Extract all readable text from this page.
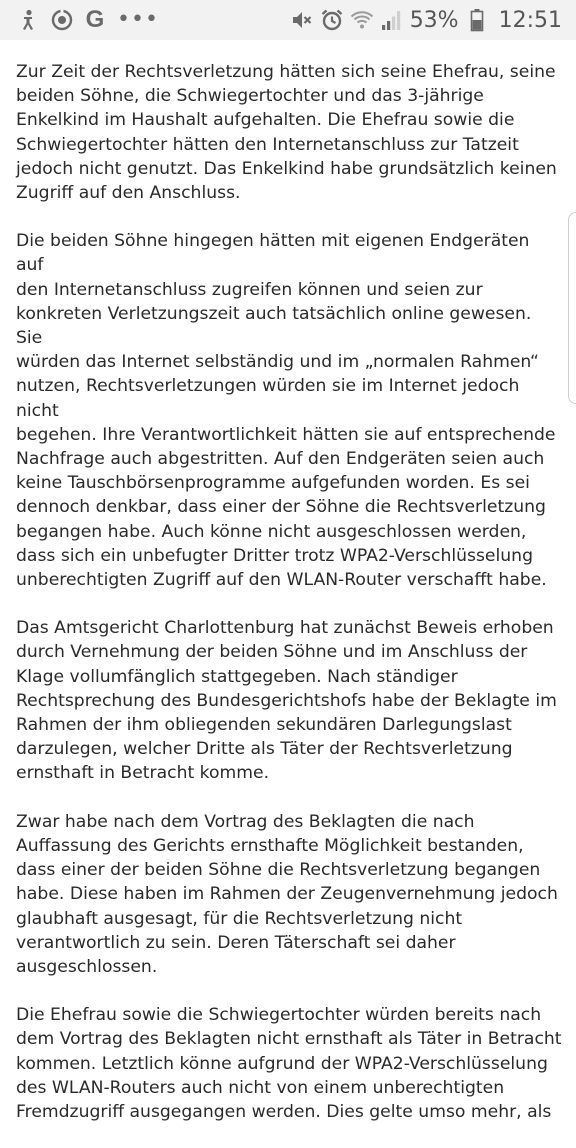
G •••	53% 12:51

Zur Zeit der Rechtsverletzung hätten sich seine Ehefrau, seine
beiden Söhne, die Schwiegertochter und das 3-jährige
Enkelkind im Haushalt aufgehalten. Die Ehefrau sowie die
Schwiegertochter hätten den Internetanschluss zur Tatzeit
jedoch nicht genutzt. Das Enkelkind habe grundsätzlich keinen
Zugriff auf den Anschluss.

Die beiden Söhne hingegen hätten mit eigenen Endgeräten auf
den Internetanschluss zugreifen können und seien zur
konkreten Verletzungszeit auch tatsächlich online gewesen. Sie
würden das Internet selbständig und im „normalen Rahmen“
nutzen, Rechtsverletzungen würden sie im Internet jedoch nicht
begehen. Ihre Verantwortlichkeit hätten sie auf entsprechende
Nachfrage auch abgestritten. Auf den Endgeräten seien auch
keine Tauschbörsenprogramme aufgefunden worden. Es sei
dennoch denkbar, dass einer der Söhne die Rechtsverletzung
begangen habe. Auch könne nicht ausgeschlossen werden,
dass sich ein unbefugter Dritter trotz WPA2-Verschlüsselung
unberechtigten Zugriff auf den WLAN-Router verschafft habe.

Das Amtsgericht Charlottenburg hat zunächst Beweis erhoben
durch Vernehmung der beiden Söhne und im Anschluss der
Klage vollumfänglich stattgegeben. Nach ständiger
Rechtsprechung des Bundesgerichtshofs habe der Beklagte im
Rahmen der ihm obliegenden sekundären Darlegungslast
darzulegen, welcher Dritte als Täter der Rechtsverletzung
ernsthaft in Betracht komme.

Zwar habe nach dem Vortrag des Beklagten die nach
Auffassung des Gerichts ernsthafte Möglichkeit bestanden,
dass einer der beiden Söhne die Rechtsverletzung begangen
habe. Diese haben im Rahmen der Zeugenvernehmung jedoch
glaubhaft ausgesagt, für die Rechtsverletzung nicht
verantwortlich zu sein. Deren Täterschaft sei daher
ausgeschlossen.

Die Ehefrau sowie die Schwiegertochter würden bereits nach
dem Vortrag des Beklagten nicht ernsthaft als Täter in Betracht
kommen. Letztlich könne aufgrund der WPA2-Verschlüsselung
des WLAN-Routers auch nicht von einem unberechtigten
Fremdzugriff ausgegangen werden. Dies gelte umso mehr, als
